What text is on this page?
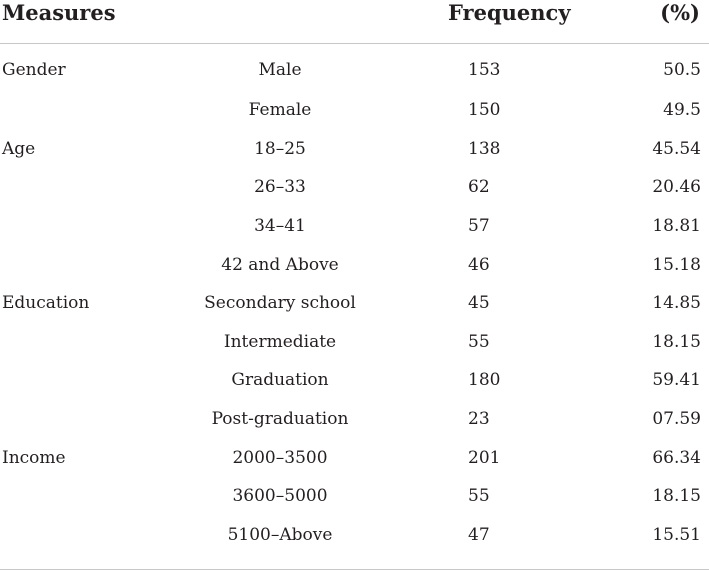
Measures		Frequency	(%)
Gender	Male	153	50.5
	Female	150	49.5
Age	18–25	138	45.54
	26–33	62	20.46
	34–41	57	18.81
	42 and Above	46	15.18
Education	Secondary school	45	14.85
	Intermediate	55	18.15
	Graduation	180	59.41
	Post-graduation	23	07.59
Income	2000–3500	201	66.34
	3600–5000	55	18.15
	5100–Above	47	15.51
